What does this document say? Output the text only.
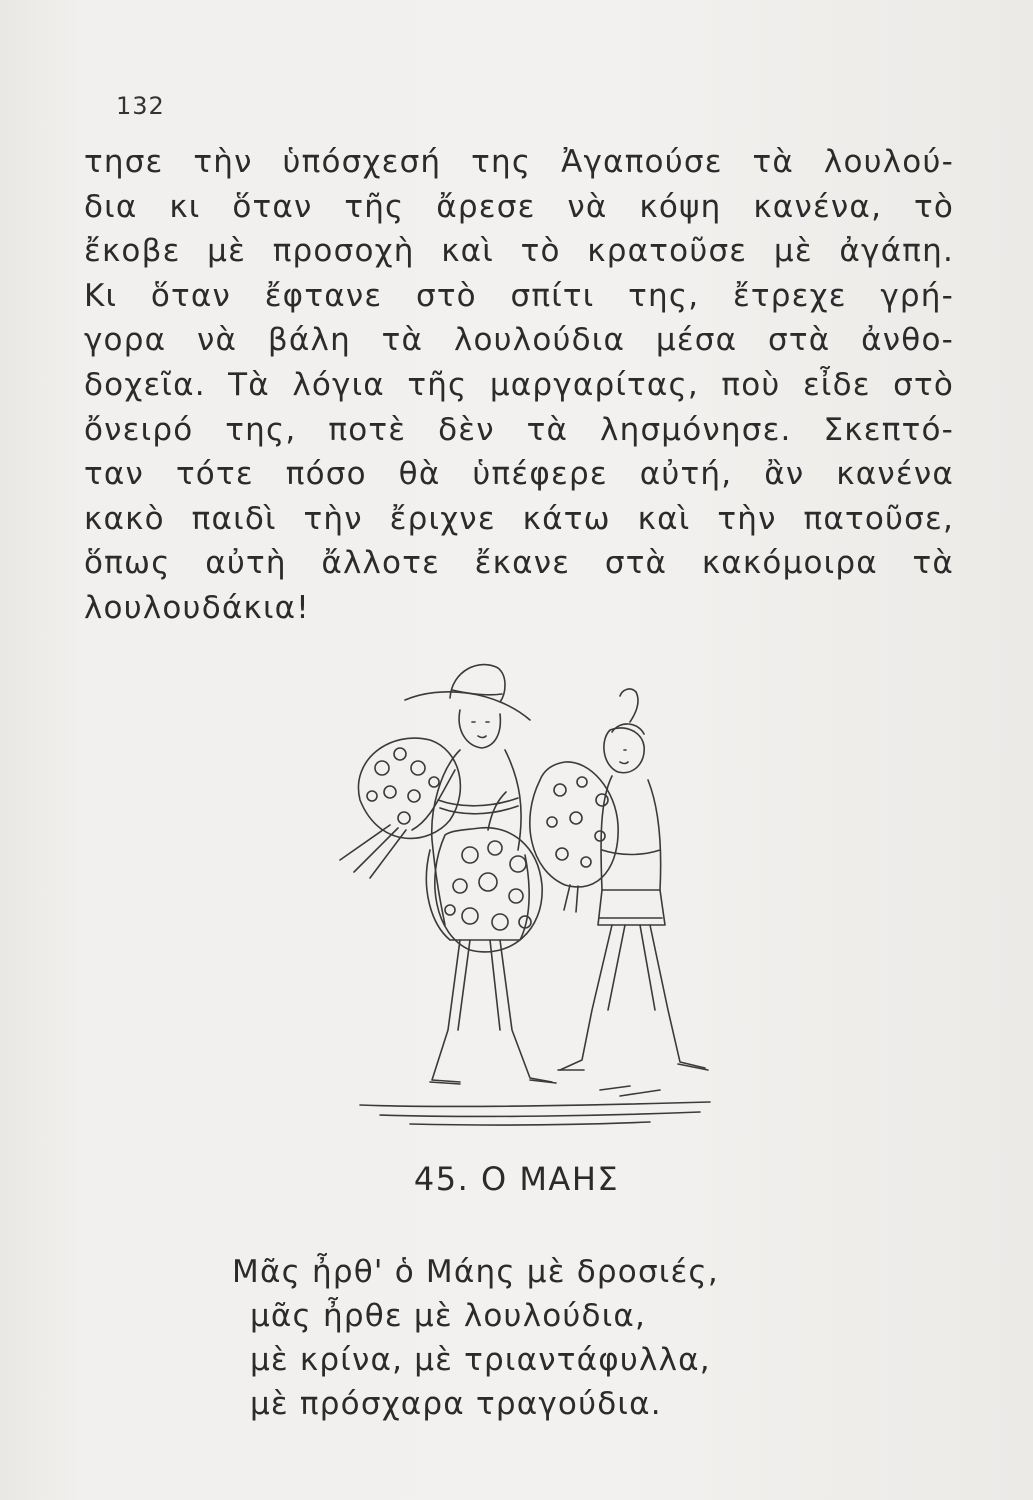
132
τησε τὴν ὑπόσχεσή της Ἀγαπούσε τὰ λουλού-
δια κι ὅταν τῆς ἄρεσε νὰ κόψη κανένα, τὸ
ἔκοβε μὲ προσοχὴ καὶ τὸ κρατοῦσε μὲ ἀγάπη.
Κι ὅταν ἔφτανε στὸ σπίτι της, ἔτρεχε γρή-
γορα νὰ βάλη τὰ λουλούδια μέσα στὰ ἀνθο-
δοχεῖα. Τὰ λόγια τῆς μαργαρίτας, ποὺ εἶδε στὸ
ὄνειρό της, ποτὲ δὲν τὰ λησμόνησε. Σκεπτό-
ταν τότε πόσο θὰ ὑπέφερε αὐτή, ἂν κανένα
κακὸ παιδὶ τὴν ἔριχνε κάτω καὶ τὴν πατοῦσε,
ὅπως αὐτὴ ἄλλοτε ἔκανε στὰ κακόμοιρα τὰ
λουλουδάκια!
45. Ο ΜΑΗΣ
Μᾶς ἦρθ' ὁ Μάης μὲ δροσιές,
μᾶς ἦρθε μὲ λουλούδια,
μὲ κρίνα, μὲ τριαντάφυλλα,
μὲ πρόσχαρα τραγούδια.
